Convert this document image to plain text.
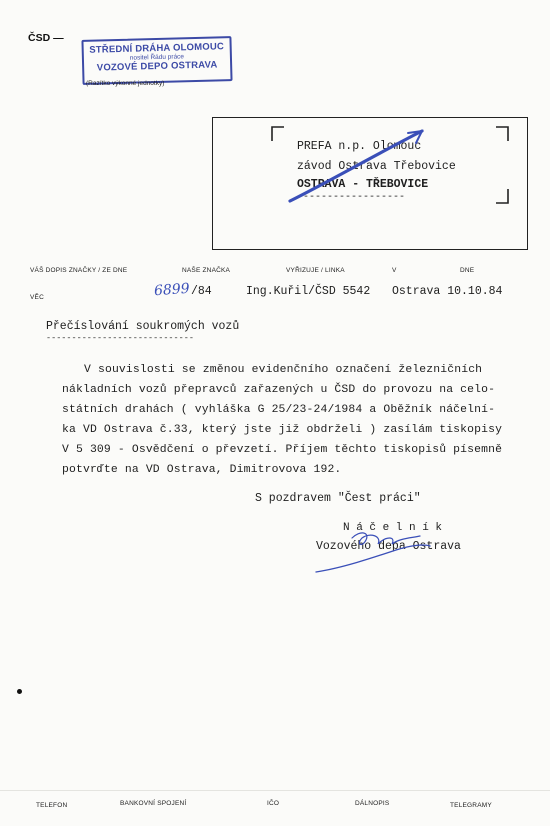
ČSD —
STŘEDNÍ DRÁHA OLOMOUC
nositel Řádu práce
VOZOVÉ DEPO OSTRAVA
(Razítko výkonné jednotky)
PREFA n.p. Olomouc
závod Ostrava Třebovice
OSTRAVA - TŘEBOVICE
------------------
VÁŠ DOPIS ZNAČKY / ZE DNE	NAŠE ZNAČKA	VYŘIZUJE / LINKA	V	DNE
VĚC	6899 /84	Ing.Kuřil/ČSD 5542 Ostrava 10.10.84
Přečíslování soukromých vozů
-----------------------------
V souvislosti se změnou evidenčního označení železničních
nákladních vozů přepravců zařazených u ČSD do provozu na celo-
státních drahách ( vyhláška G 25/23-24/1984 a Oběžník náčelní-
ka VD Ostrava č.33, který jste již obdrželi ) zasílám tiskopisy
V 5 309 - Osvědčení o převzetí. Příjem těchto tiskopisů písemně
potvrďte na VD Ostrava, Dimitrovova 192.
S pozdravem "Čest práci"
N á č e l n í k
Vozového depa Ostrava
TELEFON	BANKOVNÍ SPOJENÍ	IČO	DÁLNOPIS	TELEGRAMY
